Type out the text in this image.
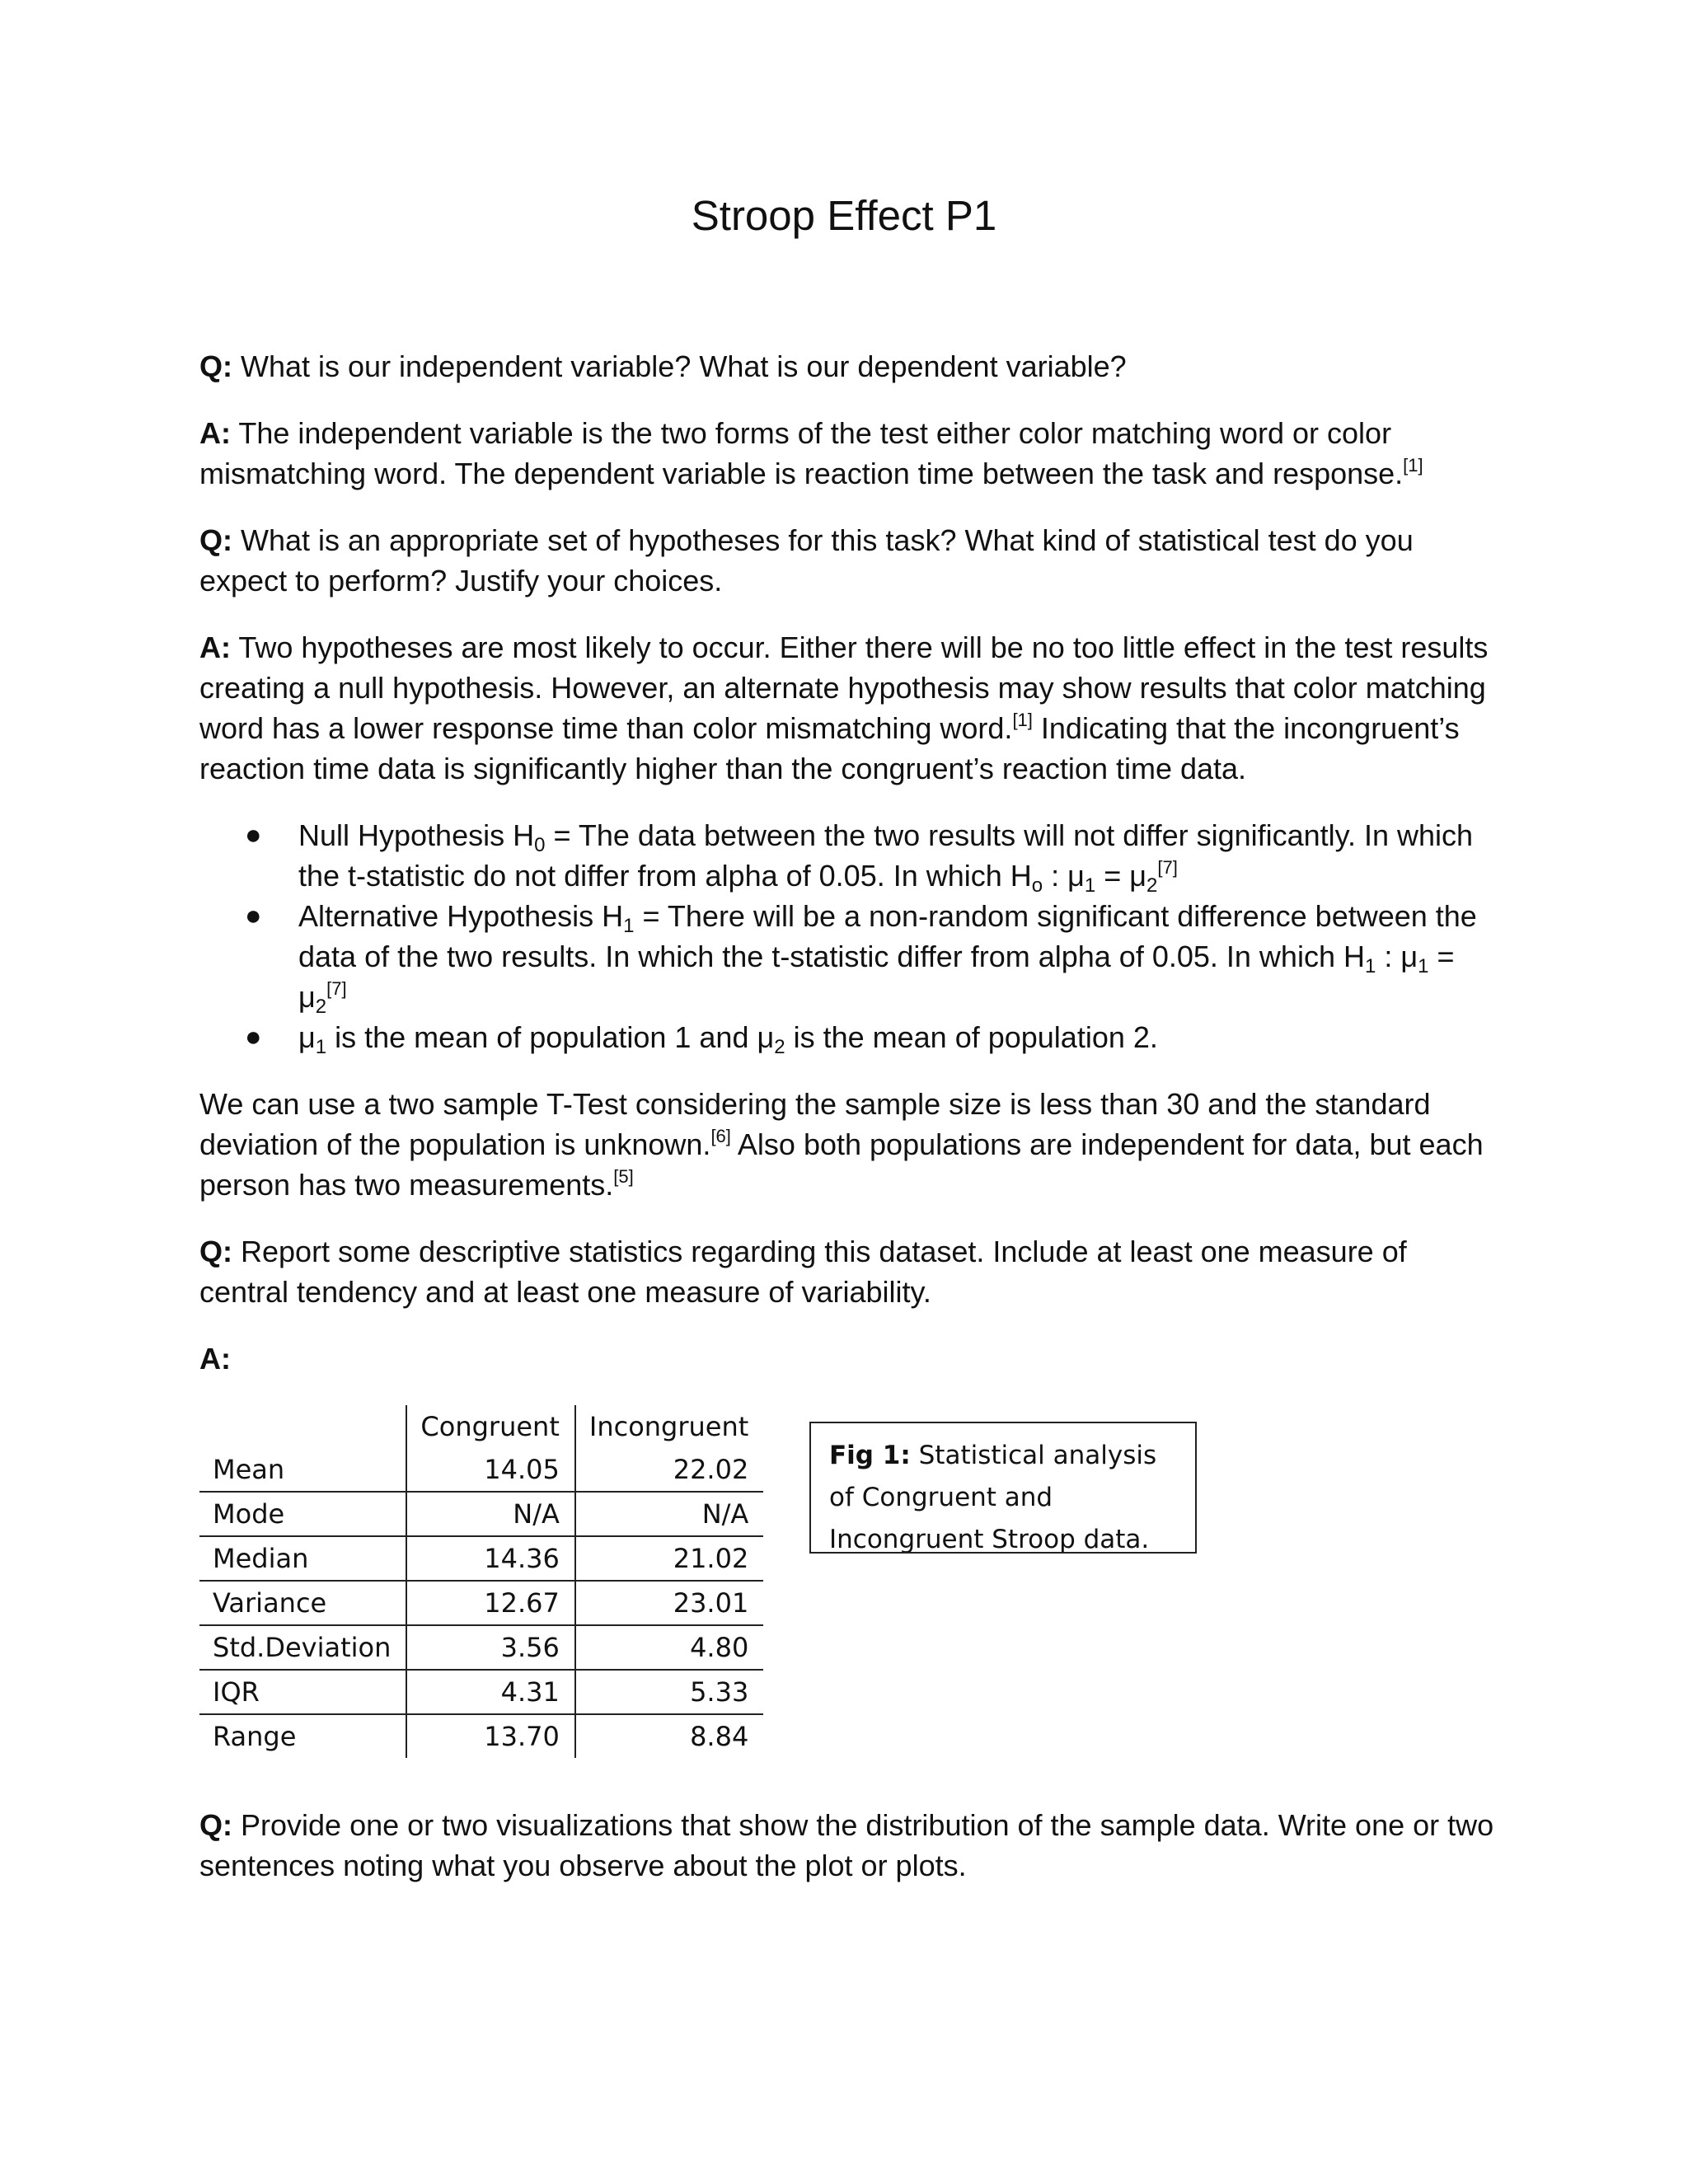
Stroop Effect P1

Q: What is our independent variable? What is our dependent variable?

A: The independent variable is the two forms of the test either color matching word or color mismatching word. The dependent variable is reaction time between the task and response.[1]

Q: What is an appropriate set of hypotheses for this task? What kind of statistical test do you expect to perform? Justify your choices.

A: Two hypotheses are most likely to occur. Either there will be no too little effect in the test results creating a null hypothesis. However, an alternate hypothesis may show results that color matching word has a lower response time than color mismatching word.[1] Indicating that the incongruent’s reaction time data is significantly higher than the congruent’s reaction time data.

● Null Hypothesis $H_0$ = The data between the two results will not differ significantly. In which the t-statistic do not differ from alpha of 0.05. In which $H_o$ : $\mu_1 = \mu_2[7]$
● Alternative Hypothesis $H_1$ = There will be a non-random significant difference between the data of the two results. In which the t-statistic differ from alpha of 0.05. In which $H_1$ : $\mu_1 = \mu_2[7]$
● $\mu_1$ is the mean of population 1 and $\mu_2$ is the mean of population 2.

We can use a two sample T-Test considering the sample size is less than 30 and the standard deviation of the population is unknown.[6] Also both populations are independent for data, but each person has two measurements.[5]

Q: Report some descriptive statistics regarding this dataset. Include at least one measure of central tendency and at least one measure of variability.

A:

	Congruent	Incongruent
Mean	14.05	22.02
Mode	N/A	N/A
Median	14.36	21.02
Variance	12.67	23.01
Std.Deviation	3.56	4.80
IQR	4.31	5.33
Range	13.70	8.84
Fig 1: Statistical analysis of Congruent and Incongruent Stroop data.

Q: Provide one or two visualizations that show the distribution of the sample data. Write one or two sentences noting what you observe about the plot or plots.
